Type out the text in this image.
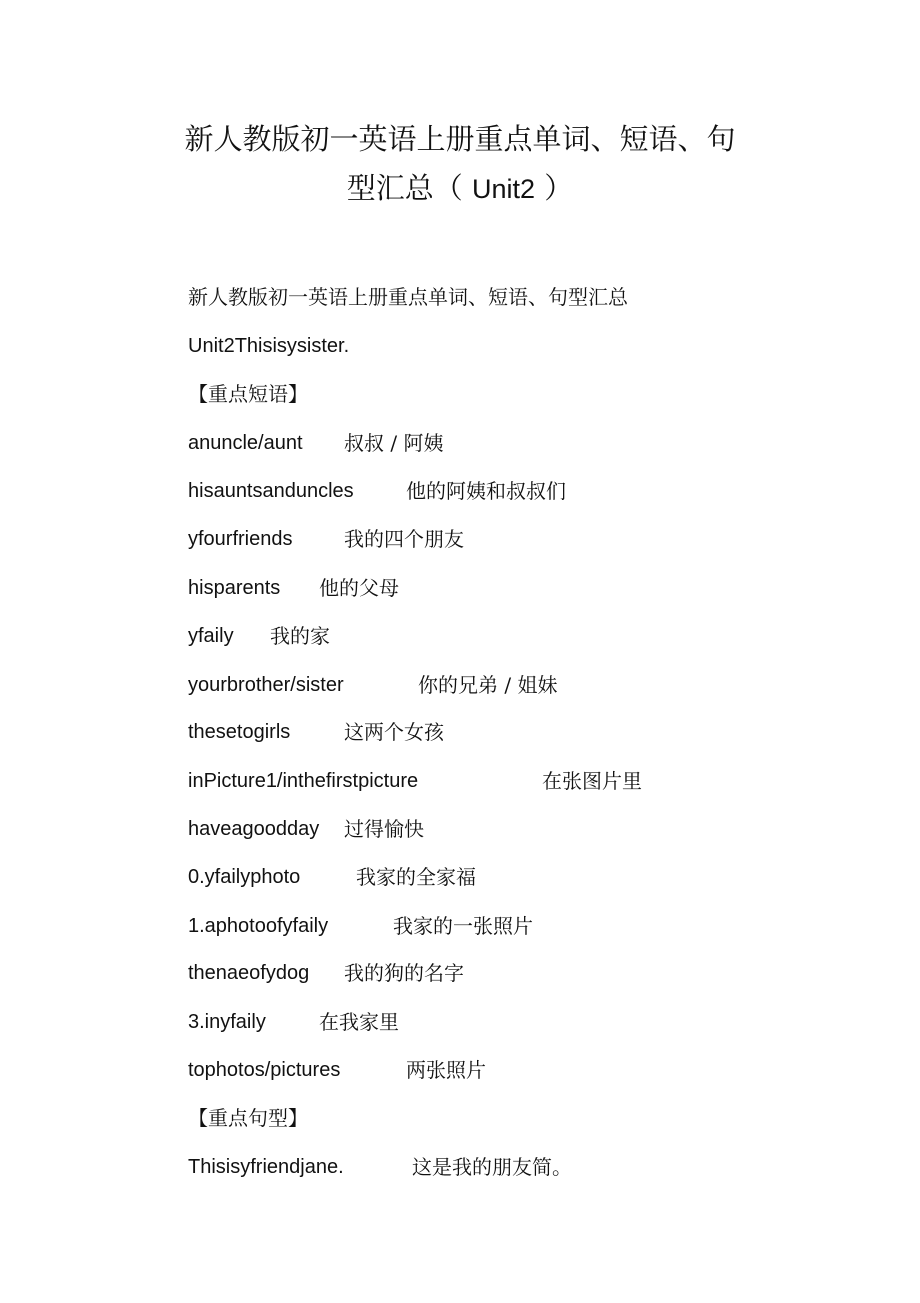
新人教版初一英语上册重点单词、短语、句
型汇总（ Unit2 ）
新人教版初一英语上册重点单词、短语、句型汇总
Unit2Thisisysister.
【重点短语】
anuncle/aunt 叔叔 / 阿姨
hisauntsanduncles	他的阿姨和叔叔们
yfourfriends	我的四个朋友
hisparents 他的父母
yfaily 我的家
yourbrother/sister	你的兄弟 / 姐妹
thesetogirls	这两个女孩
inPicture1/inthefirstpicture	在张图片里
haveagoodday 过得愉快
0.yfailyphoto	我家的全家福
1.aphotoofyfaily	我家的一张照片
thenaeofydog 我的狗的名字
3.inyfaily	在我家里
tophotos/pictures	两张照片
【重点句型】
Thisisyfriendjane.	这是我的朋友简。
